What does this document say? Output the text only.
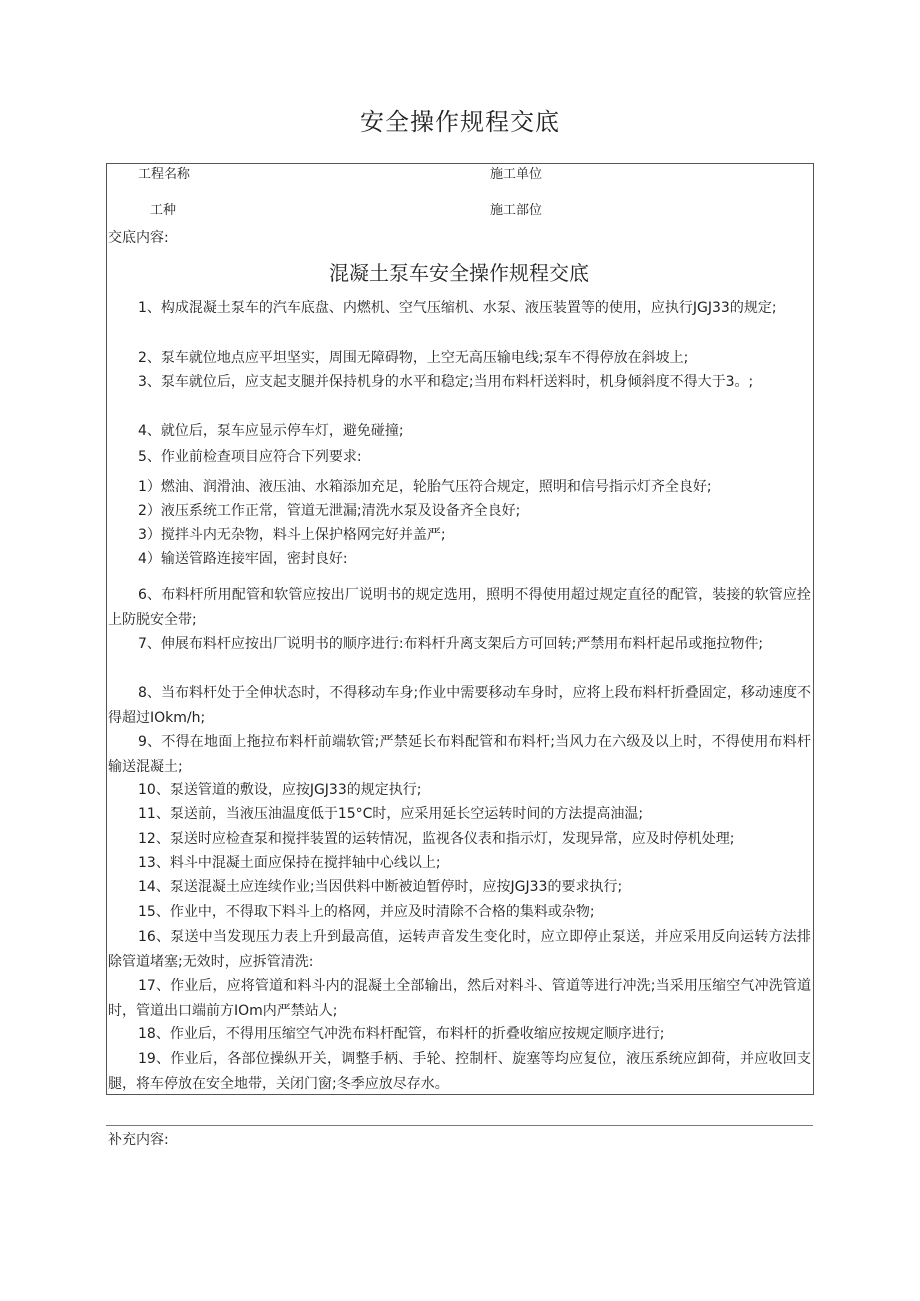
安全操作规程交底
工程名称	施工单位
工种	施工部位
交底内容:
混凝土泵车安全操作规程交底
1、构成混凝土泵车的汽车底盘、内燃机、空气压缩机、水泵、液压装置等的使用，应执行JGJ33的规定;
2、泵车就位地点应平坦坚实，周围无障碍物，上空无高压输电线;泵车不得停放在斜坡上;
3、泵车就位后，应支起支腿并保持机身的水平和稳定;当用布料杆送料时，机身倾斜度不得大于3。;
4、就位后，泵车应显示停车灯，避免碰撞;
5、作业前检查项目应符合下列要求:
1）燃油、润滑油、液压油、水箱添加充足，轮胎气压符合规定，照明和信号指示灯齐全良好;
2）液压系统工作正常，管道无泄漏;清洗水泵及设备齐全良好;
3）搅拌斗内无杂物，料斗上保护格网完好并盖严;
4）输送管路连接牢固，密封良好:
6、布料杆所用配管和软管应按出厂说明书的规定选用，照明不得使用超过规定直径的配管，装接的软管应拴上防脱安全带;
7、伸展布料杆应按出厂说明书的顺序进行:布料杆升离支架后方可回转;严禁用布料杆起吊或拖拉物件;
8、当布料杆处于全伸状态时，不得移动车身;作业中需要移动车身时，应将上段布料杆折叠固定，移动速度不得超过IOkm/h;
9、不得在地面上拖拉布料杆前端软管;严禁延长布料配管和布料杆;当风力在六级及以上时，不得使用布料杆输送混凝土;
10、泵送管道的敷设，应按JGJ33的规定执行;
11、泵送前，当液压油温度低于15°C时，应采用延长空运转时间的方法提高油温;
12、泵送时应检查泵和搅拌装置的运转情况，监视各仪表和指示灯，发现异常，应及时停机处理;
13、料斗中混凝土面应保持在搅拌轴中心线以上;
14、泵送混凝土应连续作业;当因供料中断被迫暂停时，应按JGJ33的要求执行;
15、作业中，不得取下料斗上的格网，并应及时清除不合格的集料或杂物;
16、泵送中当发现压力表上升到最高值，运转声音发生变化时，应立即停止泵送，并应采用反向运转方法排除管道堵塞;无效时，应拆管清洗:
17、作业后，应将管道和料斗内的混凝土全部输出，然后对料斗、管道等进行冲洗;当采用压缩空气冲洗管道时，管道出口端前方IOm内严禁站人;
18、作业后，不得用压缩空气冲洗布料杆配管，布料杆的折叠收缩应按规定顺序进行;
19、作业后，各部位操纵开关，调整手柄、手轮、控制杆、旋塞等均应复位，液压系统应卸荷，并应收回支腿，将车停放在安全地带，关闭门窗;冬季应放尽存水。
补充内容:
